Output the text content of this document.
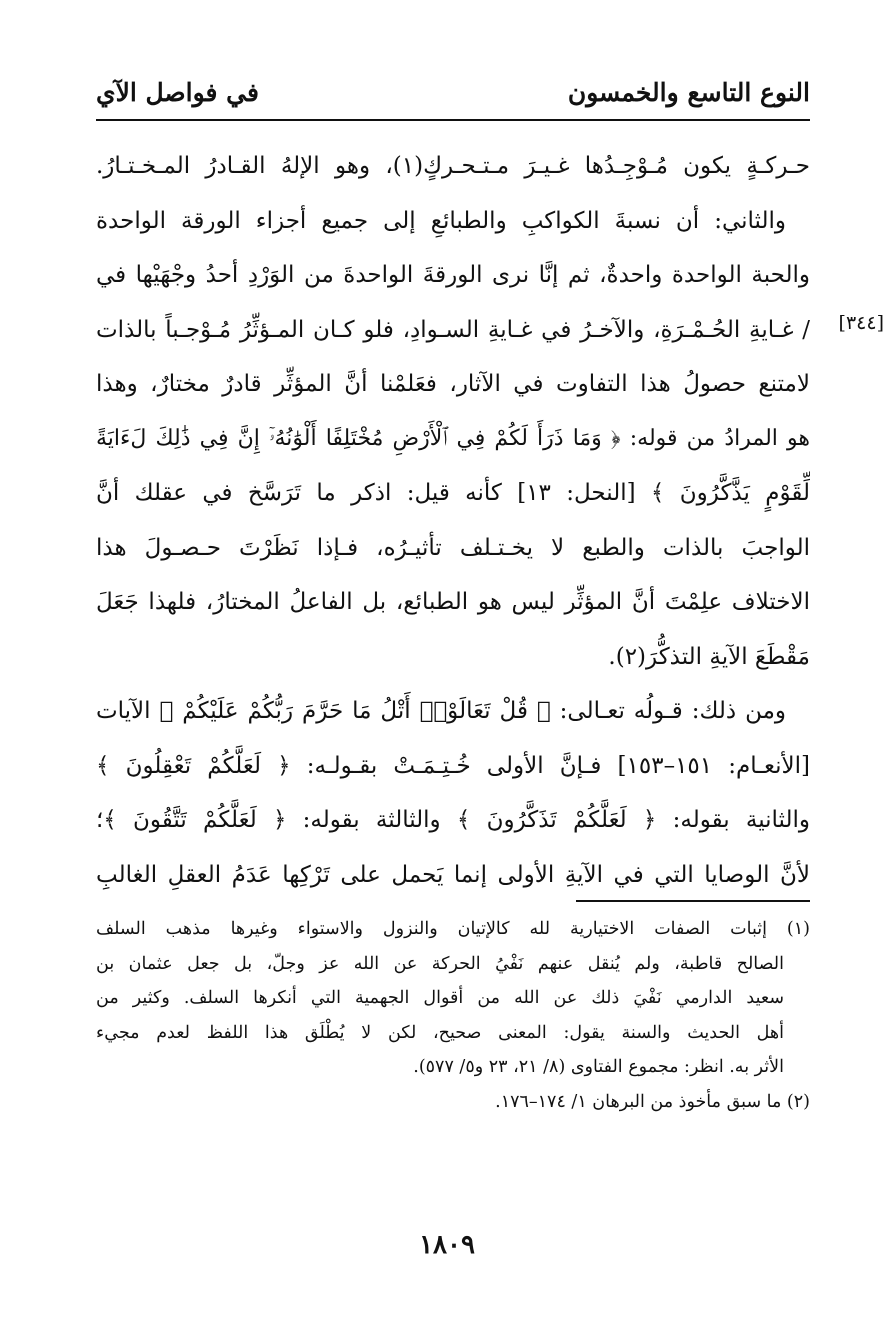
النوع التاسع والخمسون
في فواصل الآي
[٣٤٤]
حـركـةٍ يكون مُـوْجِـدُها غـيـرَ مـتـحـركٍ(١)، وهو الإلهُ القـادرُ المـخـتـارُ.
والثاني: أن نسبةَ الكواكبِ والطبائعِ إلى جميع أجزاء الورقة الواحدة
والحبة الواحدة واحدةٌ، ثم إنَّا نرى الورقةَ الواحدةَ من الوَرْدِ أحدُ وجْهَيْها في
/ غـايةِ الحُـمْـرَةِ، والآخـرُ في غـايةِ السـوادِ، فلو كـان المـؤثِّرُ مُـوْجـباً بالذات
لامتنع حصولُ هذا التفاوت في الآثار، فعَلمْنا أنَّ المؤثِّر قادرٌ مختارٌ، وهذا
هو المرادُ من قوله: ﴿ وَمَا ذَرَأَ لَكُمْ فِي ٱلْأَرْضِ مُخْتَلِفًا أَلْوَٰنُهُۥٓ إِنَّ فِي ذَٰلِكَ لَءَايَةً
لِّقَوْمٍ يَذَّكَّرُونَ ﴾ [النحل: ١٣] كأنه قيل: اذكر ما تَرَسَّخ في عقلك أنَّ
الواجبَ بالذات والطبع لا يخـتـلف تأثيـرُه، فـإذا نَظَرْتَ حـصـولَ هذا
الاختلاف علِمْتَ أنَّ المؤثِّر ليس هو الطبائع، بل الفاعلُ المختارُ، فلهذا جَعَلَ
مَقْطَعَ الآيةِ التذكُّرَ(٢).
ومن ذلك: قـولُه تعـالى: ﴿ قُلْ تَعَالَوْا۟ أَتْلُ مَا حَرَّمَ رَبُّكُمْ عَلَيْكُمْ ﴾ الآيات
[الأنعـام: ١٥١–١٥٣] فـإنَّ الأولى خُـتِـمَـتْ بقـولـه: ﴿ لَعَلَّكُمْ تَعْقِلُونَ ﴾
والثانية بقوله: ﴿ لَعَلَّكُمْ تَذَكَّرُونَ ﴾ والثالثة بقوله: ﴿ لَعَلَّكُمْ تَتَّقُونَ ﴾؛
لأنَّ الوصايا التي في الآيةِ الأولى إنما يَحمل على تَرْكِها عَدَمُ العقلِ الغالبِ
(١) إثبات الصفات الاختيارية لله كالإتيان والنزول والاستواء وغيرها مذهب السلف
الصالح قاطبة، ولم يُنقل عنهم نَفْيُ الحركة عن الله عز وجلّ، بل جعل عثمان بن
سعيد الدارمي نَفْيَ ذلك عن الله من أقوال الجهمية التي أنكرها السلف. وكثير من
أهل الحديث والسنة يقول: المعنى صحيح، لكن لا يُطْلَق هذا اللفظ لعدم مجيء
الأثر به. انظر: مجموع الفتاوى (٨/ ٢١، ٢٣ و٥/ ٥٧٧).
(٢) ما سبق مأخوذ من البرهان ١/ ١٧٤–١٧٦.
١٨٠٩
